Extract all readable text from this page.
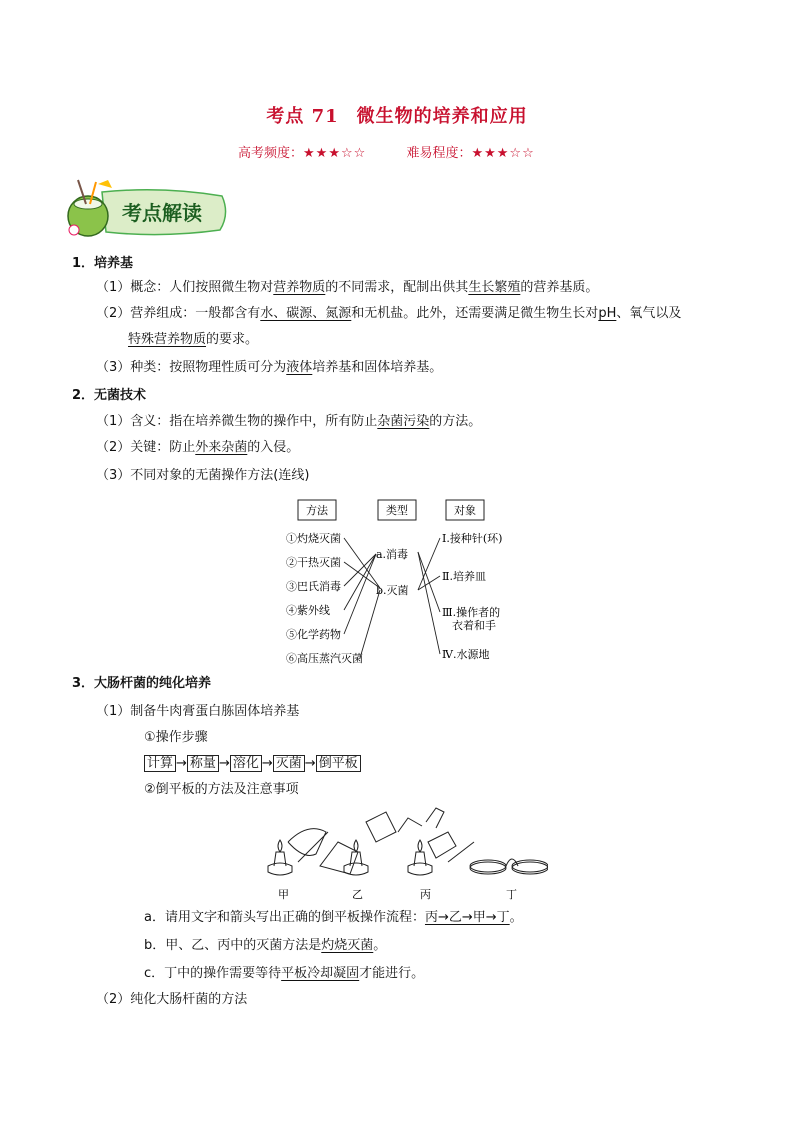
考点 71 微生物的培养和应用
高考频度：★★★☆☆	难易程度：★★★☆☆
考点解读
1．培养基
（1）概念：人们按照微生物对营养物质的不同需求，配制出供其生长繁殖的营养基质。
（2）营养组成：一般都含有水、碳源、氮源和无机盐。此外，还需要满足微生物生长对pH、氧气以及
特殊营养物质的要求。
（3）种类：按照物理性质可分为液体培养基和固体培养基。
2．无菌技术
（1）含义：指在培养微生物的操作中，所有防止杂菌污染的方法。
（2）关键：防止外来杂菌的入侵。
（3）不同对象的无菌操作方法(连线)
方法	类型	对象
①灼烧灭菌
②干热灭菌
③巴氏消毒
④紫外线
⑤化学药物
⑥高压蒸汽灭菌
a.消毒
b.灭菌
Ⅰ.接种针(环)
Ⅱ.培养皿
Ⅲ.操作者的
衣着和手
Ⅳ.水源地
3．大肠杆菌的纯化培养
（1）制备牛肉膏蛋白胨固体培养基
①操作步骤
计算 → 称量 → 溶化 → 灭菌 → 倒平板
②倒平板的方法及注意事项
甲	乙	丙	丁
a．请用文字和箭头写出正确的倒平板操作流程：丙→乙→甲→丁。
b．甲、乙、丙中的灭菌方法是灼烧灭菌。
c．丁中的操作需要等待平板冷却凝固才能进行。
（2）纯化大肠杆菌的方法
